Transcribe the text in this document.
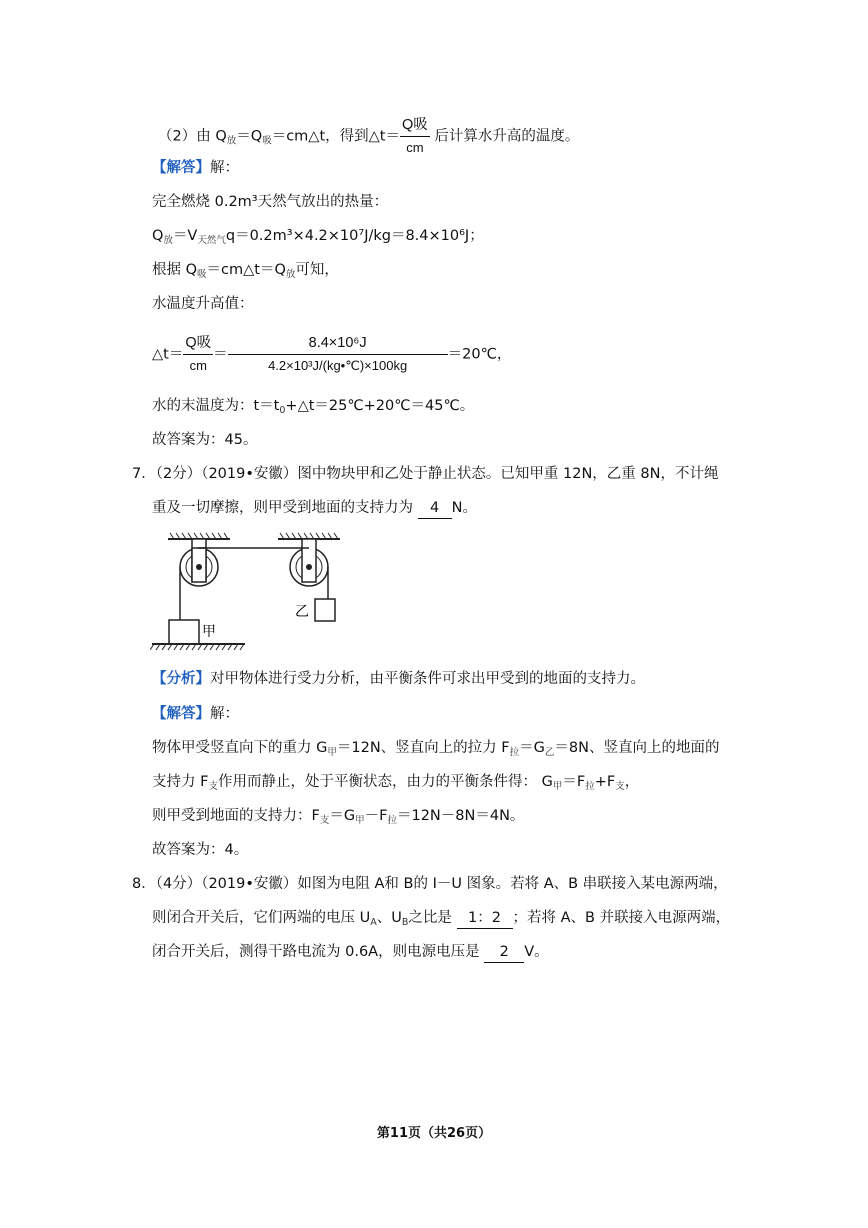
（2）由 $Q_放=Q_吸=cm\triangle t$，得到△t＝ $\frac{\text{Q吸}}{cm}$ 后计算水升高的温度。
【解答】解：
完全燃烧 0.2m³天然气放出的热量：
$Q_放=V_{天然气}q=0.2m^3\times 4.2\times 10^7J/kg=8.4\times 10^6J$；
根据 $Q_吸=cm\triangle t=Q_放$可知，
水温度升高值：
△t＝ $\frac{\text{Q吸}}{cm} = \frac{\text{8.4×10⁶J}}{\text{4.2×10³J/(kg•℃)×100kg}}$ ＝20℃，
水的末温度为：$t=t_0+\triangle t=25℃+20℃=45℃$。
故答案为：45。
7．（2分）（2019•安徽）图中物块甲和乙处于静止状态。已知甲重 12N，乙重 8N，不计绳
重及一切摩擦，则甲受到地面的支持力为 4 N。
甲
乙
【分析】对甲物体进行受力分析，由平衡条件可求出甲受到的地面的支持力。
【解答】解：
物体甲受竖直向下的重力 $G_甲=12N$、竖直向上的拉力 $F_拉=G_乙=8N$、竖直向上的地面的
支持力 $F_支$作用而静止，处于平衡状态，由力的平衡条件得： $G_甲=F_拉+F_支$，
则甲受到地面的支持力：$F_支=G_甲-F_拉=12N-8N=4N$。
故答案为：4。
8．（4分）（2019•安徽）如图为电阻 A和 B的 I－U 图象。若将 A、B 串联接入某电源两端，
则闭合开关后，它们两端的电压 $U_A$、$U_B$之比是 1：2 ；若将 A、B 并联接入电源两端，
闭合开关后，测得干路电流为 0.6A，则电源电压是 2 V。
第11页（共26页）
